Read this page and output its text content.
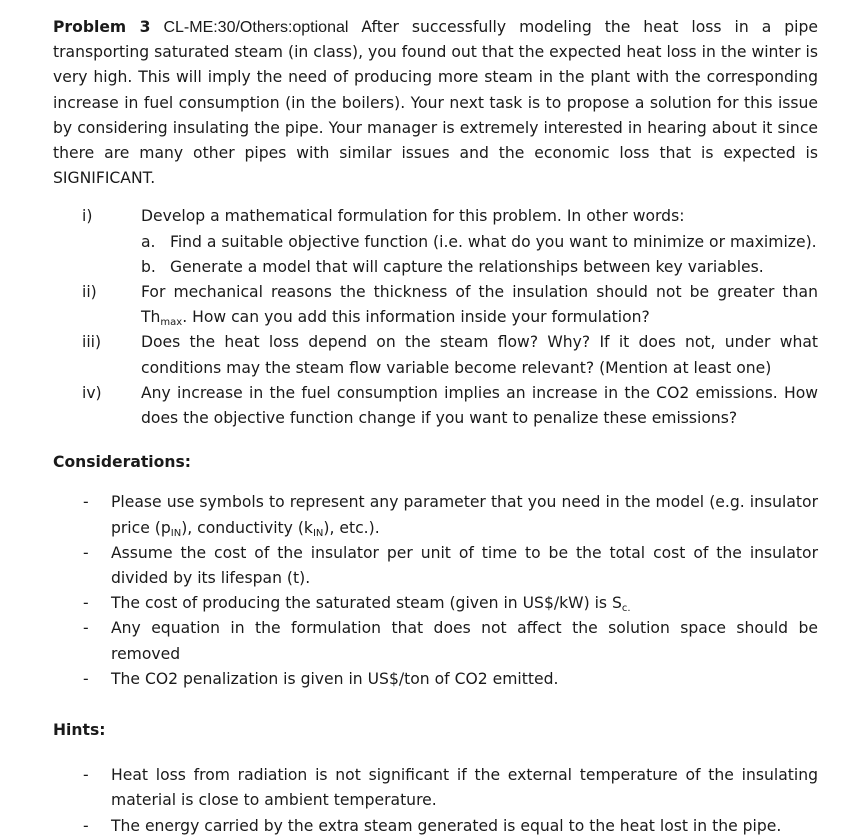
Problem 3 CL-ME:30/Others:optional After successfully modeling the heat loss in a pipe transporting saturated steam (in class), you found out that the expected heat loss in the winter is very high. This will imply the need of producing more steam in the plant with the corresponding increase in fuel consumption (in the boilers). Your next task is to propose a solution for this issue by considering insulating the pipe. Your manager is extremely interested in hearing about it since there are many other pipes with similar issues and the economic loss that is expected is SIGNIFICANT.

i)	Develop a mathematical formulation for this problem. In other words:
a. Find a suitable objective function (i.e. what do you want to minimize or maximize).
b. Generate a model that will capture the relationships between key variables.
ii)	For mechanical reasons the thickness of the insulation should not be greater than $Th_{max}$. How can you add this information inside your formulation?
iii)	Does the heat loss depend on the steam flow? Why? If it does not, under what conditions may the steam flow variable become relevant? (Mention at least one)
iv)	Any increase in the fuel consumption implies an increase in the CO2 emissions. How does the objective function change if you want to penalize these emissions?
Considerations:
- Please use symbols to represent any parameter that you need in the model (e.g. insulator price $(p_{IN})$, conductivity $(k_{IN})$, etc.).
- Assume the cost of the insulator per unit of time to be the total cost of the insulator divided by its lifespan (t).
- The cost of producing the saturated steam (given in US$/kW) is $S_{c.}$
- Any equation in the formulation that does not affect the solution space should be removed
- The CO2 penalization is given in US$/ton of CO2 emitted.
Hints:
- Heat loss from radiation is not significant if the external temperature of the insulating material is close to ambient temperature.
- The energy carried by the extra steam generated is equal to the heat lost in the pipe.
